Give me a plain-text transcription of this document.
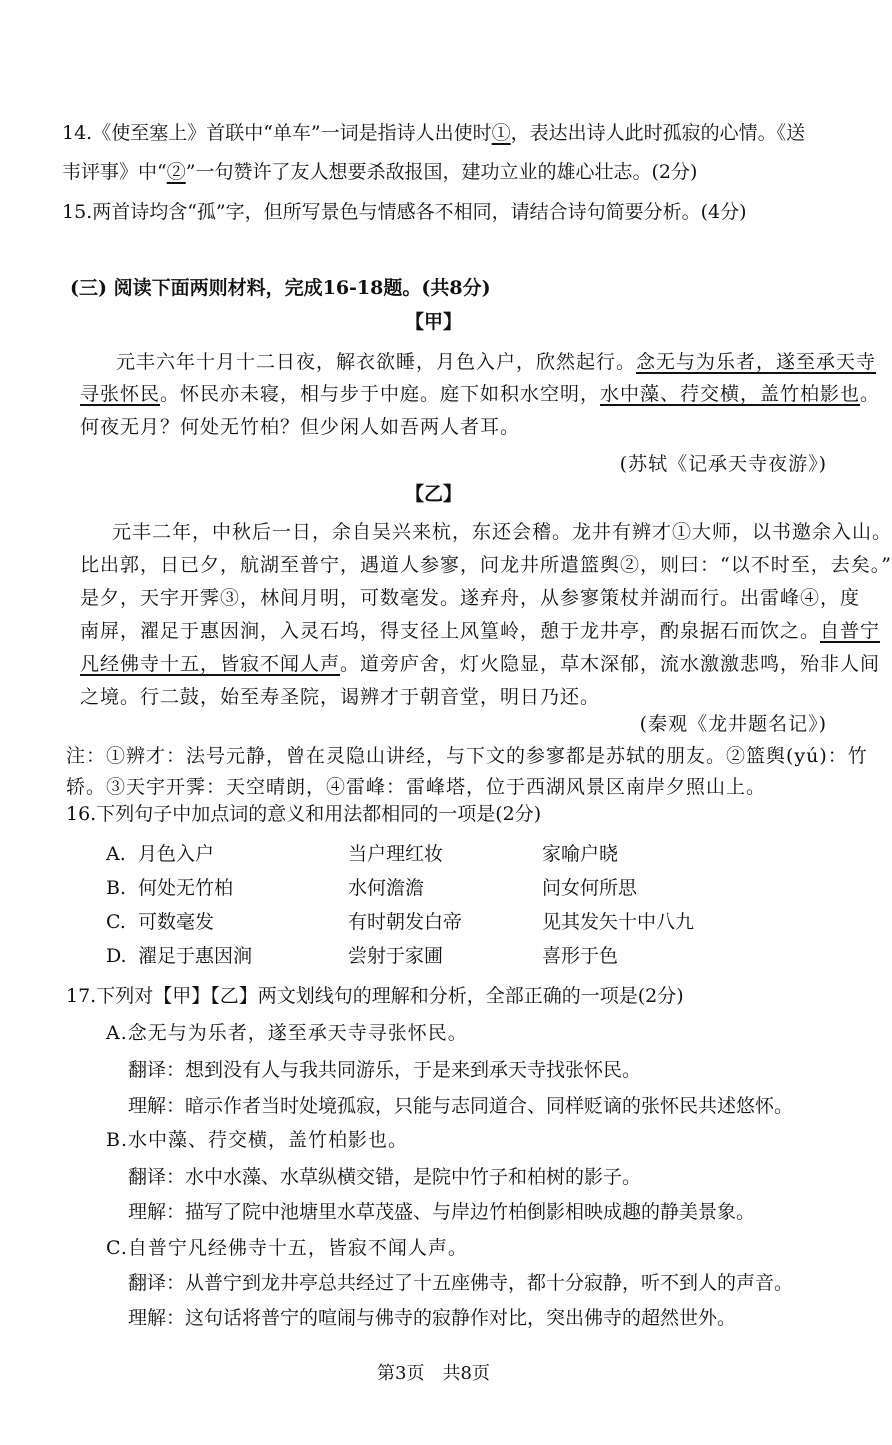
14.《使至塞上》首联中“单车”一词是指诗人出使时①，表达出诗人此时孤寂的心情。《送
韦评事》中“②”一句赞许了友人想要杀敌报国，建功立业的雄心壮志。(2分)
15.两首诗均含“孤”字，但所写景色与情感各不相同，请结合诗句简要分析。(4分)
(三) 阅读下面两则材料，完成16-18题。(共8分)
【甲】
元丰六年十月十二日夜，解衣欲睡，月色入户，欣然起行。念无与为乐者，遂至承天寺
寻张怀民。怀民亦未寝，相与步于中庭。庭下如积水空明，水中藻、荇交横，盖竹柏影也。
何夜无月？何处无竹柏？但少闲人如吾两人者耳。
(苏轼《记承天寺夜游》)
【乙】
元丰二年，中秋后一日，余自吴兴来杭，东还会稽。龙井有辨才①大师，以书邀余入山。
比出郭，日已夕，航湖至普宁，遇道人参寥，问龙井所遣篮舆②，则曰：“以不时至，去矣。”
是夕，天宇开霁③，林间月明，可数毫发。遂弃舟，从参寥策杖并湖而行。出雷峰④，度
南屏，濯足于惠因涧，入灵石坞，得支径上风篁岭，憩于龙井亭，酌泉据石而饮之。自普宁
凡经佛寺十五，皆寂不闻人声。道旁庐舍，灯火隐显，草木深郁，流水激激悲鸣，殆非人间
之境。行二鼓，始至寿圣院，谒辨才于朝音堂，明日乃还。
(秦观《龙井题名记》)
注：①辨才：法号元静，曾在灵隐山讲经，与下文的参寥都是苏轼的朋友。②篮舆(yú)：竹
轿。③天宇开霁：天空晴朗，④雷峰：雷峰塔，位于西湖风景区南岸夕照山上。
16.下列句子中加点词的意义和用法都相同的一项是(2分)
A. 月色入户	当户理红妆	家喻户晓
B. 何处无竹柏	水何澹澹	问女何所思
C. 可数毫发	有时朝发白帝	见其发矢十中八九
D. 濯足于惠因涧	尝射于家圃	喜形于色
17.下列对【甲】【乙】两文划线句的理解和分析，全部正确的一项是(2分)
A.念无与为乐者，遂至承天寺寻张怀民。
翻译：想到没有人与我共同游乐，于是来到承天寺找张怀民。
理解：暗示作者当时处境孤寂，只能与志同道合、同样贬谪的张怀民共述悠怀。
B.水中藻、荇交横，盖竹柏影也。
翻译：水中水藻、水草纵横交错，是院中竹子和柏树的影子。
理解：描写了院中池塘里水草茂盛、与岸边竹柏倒影相映成趣的静美景象。
C.自普宁凡经佛寺十五，皆寂不闻人声。
翻译：从普宁到龙井亭总共经过了十五座佛寺，都十分寂静，听不到人的声音。
理解：这句话将普宁的喧闹与佛寺的寂静作对比，突出佛寺的超然世外。
第3页　共8页
